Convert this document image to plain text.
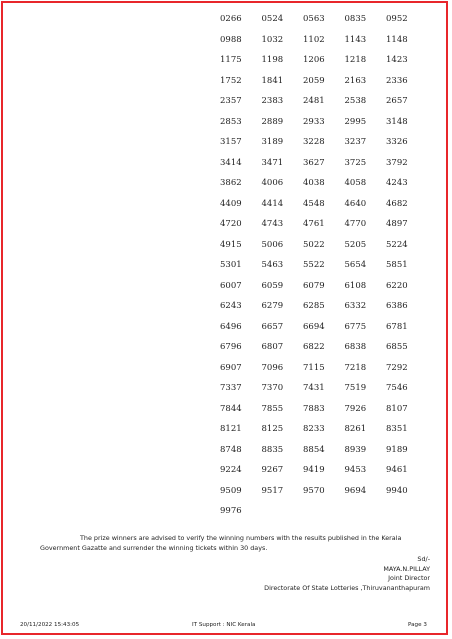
0266 0524 0563 0835 0952
0988 1032 1102 1143 1148
1175 1198 1206 1218 1423
1752 1841 2059 2163 2336
2357 2383 2481 2538 2657
2853 2889 2933 2995 3148
3157 3189 3228 3237 3326
3414 3471 3627 3725 3792
3862 4006 4038 4058 4243
4409 4414 4548 4640 4682
4720 4743 4761 4770 4897
4915 5006 5022 5205 5224
5301 5463 5522 5654 5851
6007 6059 6079 6108 6220
6243 6279 6285 6332 6386
6496 6657 6694 6775 6781
6796 6807 6822 6838 6855
6907 7096 7115 7218 7292
7337 7370 7431 7519 7546
7844 7855 7883 7926 8107
8121 8125 8233 8261 8351
8748 8835 8854 8939 9189
9224 9267 9419 9453 9461
9509 9517 9570 9694 9940
9976
The prize winners are advised to verify the winning numbers with the results published in the Kerala Government Gazatte and surrender the winning tickets within 30 days.
Sd/-
MAYA.N.PILLAY
Joint Director
Directorate Of State Lotteries ,Thiruvananthapuram
20/11/2022 15:43:05	IT Support : NIC Kerala	Page 3
